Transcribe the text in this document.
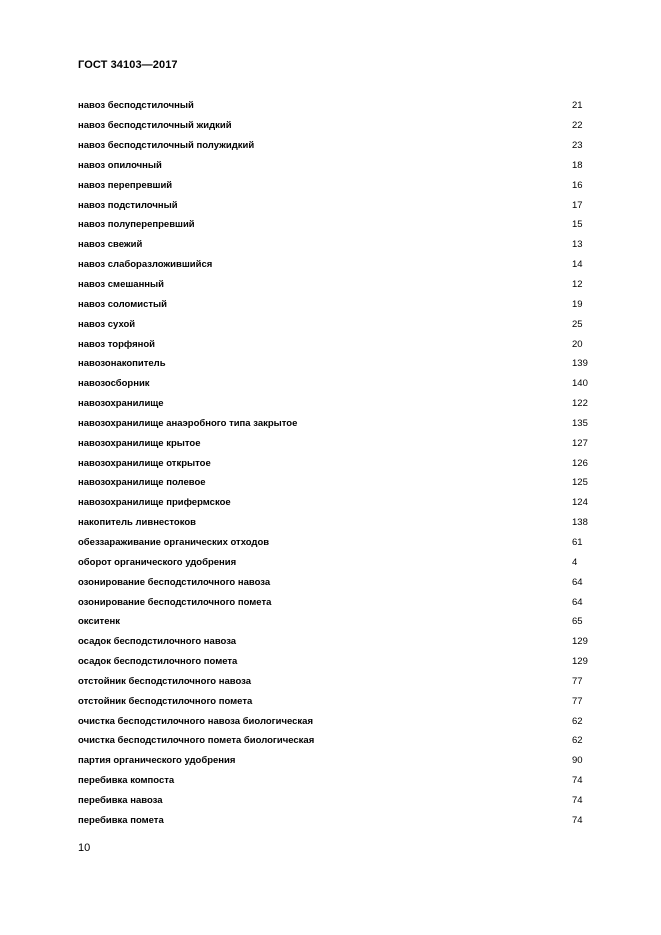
ГОСТ 34103—2017
навоз бесподстилочный	21
навоз бесподстилочный жидкий	22
навоз бесподстилочный полужидкий	23
навоз опилочный	18
навоз перепревший	16
навоз подстилочный	17
навоз полуперепревший	15
навоз свежий	13
навоз слаборазложившийся	14
навоз смешанный	12
навоз соломистый	19
навоз сухой	25
навоз торфяной	20
навозонакопитель	139
навозосборник	140
навозохранилище	122
навозохранилище анаэробного типа закрытое	135
навозохранилище крытое	127
навозохранилище открытое	126
навозохранилище полевое	125
навозохранилище прифермское	124
накопитель ливнестоков	138
обеззараживание органических отходов	61
оборот органического удобрения	4
озонирование бесподстилочного навоза	64
озонирование бесподстилочного помета	64
окситенк	65
осадок бесподстилочного навоза	129
осадок бесподстилочного помета	129
отстойник бесподстилочного навоза	77
отстойник бесподстилочного помета	77
очистка бесподстилочного навоза биологическая	62
очистка бесподстилочного помета биологическая	62
партия органического удобрения	90
перебивка компоста	74
перебивка навоза	74
перебивка помета	74
10
